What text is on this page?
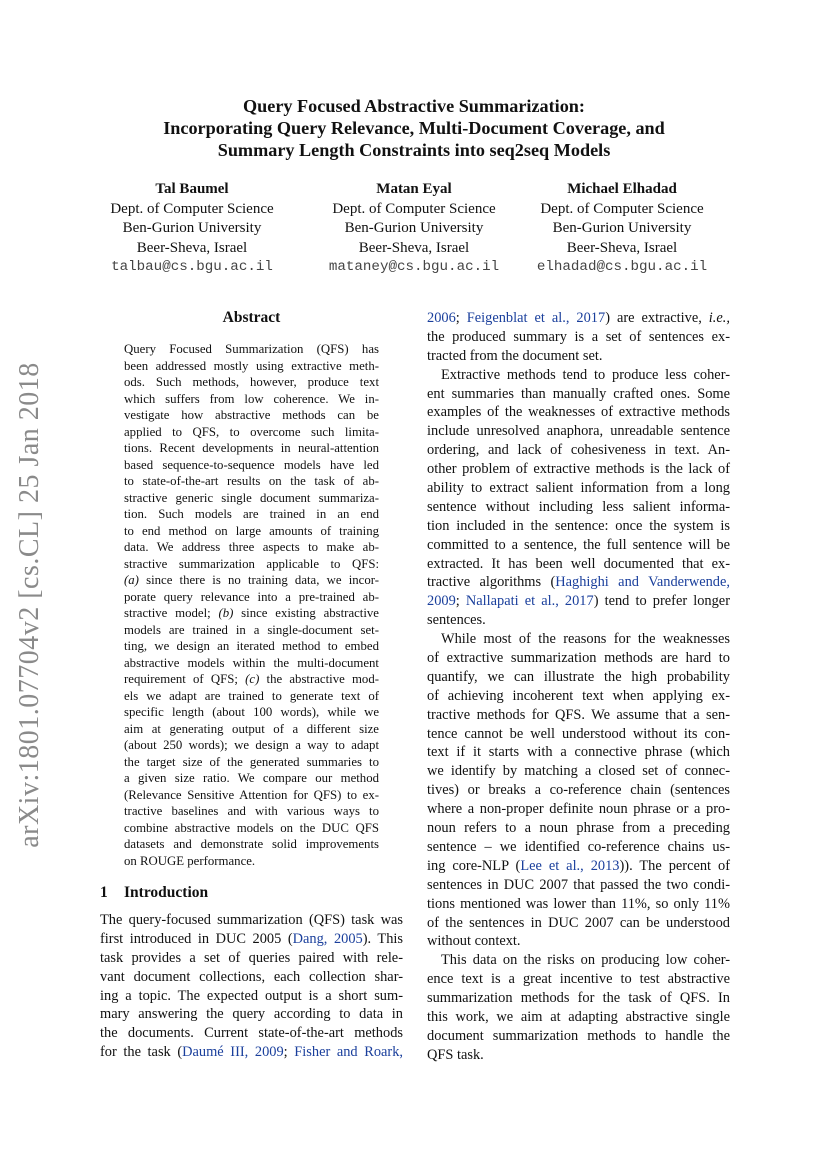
arXiv:1801.07704v2 [cs.CL] 25 Jan 2018
Query Focused Abstractive Summarization:
Incorporating Query Relevance, Multi-Document Coverage, and
Summary Length Constraints into seq2seq Models
Tal Baumel
Dept. of Computer Science
Ben-Gurion University
Beer-Sheva, Israel
talbau@cs.bgu.ac.il
Matan Eyal
Dept. of Computer Science
Ben-Gurion University
Beer-Sheva, Israel
mataney@cs.bgu.ac.il
Michael Elhadad
Dept. of Computer Science
Ben-Gurion University
Beer-Sheva, Israel
elhadad@cs.bgu.ac.il
Abstract
Query Focused Summarization (QFS) has
been addressed mostly using extractive meth-
ods. Such methods, however, produce text
which suffers from low coherence. We in-
vestigate how abstractive methods can be
applied to QFS, to overcome such limita-
tions. Recent developments in neural-attention
based sequence-to-sequence models have led
to state-of-the-art results on the task of ab-
stractive generic single document summariza-
tion. Such models are trained in an end
to end method on large amounts of training
data. We address three aspects to make ab-
stractive summarization applicable to QFS:
(a) since there is no training data, we incor-
porate query relevance into a pre-trained ab-
stractive model; (b) since existing abstractive
models are trained in a single-document set-
ting, we design an iterated method to embed
abstractive models within the multi-document
requirement of QFS; (c) the abstractive mod-
els we adapt are trained to generate text of
specific length (about 100 words), while we
aim at generating output of a different size
(about 250 words); we design a way to adapt
the target size of the generated summaries to
a given size ratio. We compare our method
(Relevance Sensitive Attention for QFS) to ex-
tractive baselines and with various ways to
combine abstractive models on the DUC QFS
datasets and demonstrate solid improvements
on ROUGE performance.
1 Introduction
The query-focused summarization (QFS) task was
first introduced in DUC 2005 (Dang, 2005). This
task provides a set of queries paired with rele-
vant document collections, each collection shar-
ing a topic. The expected output is a short sum-
mary answering the query according to data in
the documents. Current state-of-the-art methods
for the task (Daumé III, 2009; Fisher and Roark,
2006; Feigenblat et al., 2017) are extractive, i.e.,
the produced summary is a set of sentences ex-
tracted from the document set.
Extractive methods tend to produce less coher-
ent summaries than manually crafted ones. Some
examples of the weaknesses of extractive methods
include unresolved anaphora, unreadable sentence
ordering, and lack of cohesiveness in text. An-
other problem of extractive methods is the lack of
ability to extract salient information from a long
sentence without including less salient informa-
tion included in the sentence: once the system is
committed to a sentence, the full sentence will be
extracted. It has been well documented that ex-
tractive algorithms (Haghighi and Vanderwende,
2009; Nallapati et al., 2017) tend to prefer longer
sentences.
While most of the reasons for the weaknesses
of extractive summarization methods are hard to
quantify, we can illustrate the high probability
of achieving incoherent text when applying ex-
tractive methods for QFS. We assume that a sen-
tence cannot be well understood without its con-
text if it starts with a connective phrase (which
we identify by matching a closed set of connec-
tives) or breaks a co-reference chain (sentences
where a non-proper definite noun phrase or a pro-
noun refers to a noun phrase from a preceding
sentence – we identified co-reference chains us-
ing core-NLP (Lee et al., 2013)). The percent of
sentences in DUC 2007 that passed the two condi-
tions mentioned was lower than 11%, so only 11%
of the sentences in DUC 2007 can be understood
without context.
This data on the risks on producing low coher-
ence text is a great incentive to test abstractive
summarization methods for the task of QFS. In
this work, we aim at adapting abstractive single
document summarization methods to handle the
QFS task.
